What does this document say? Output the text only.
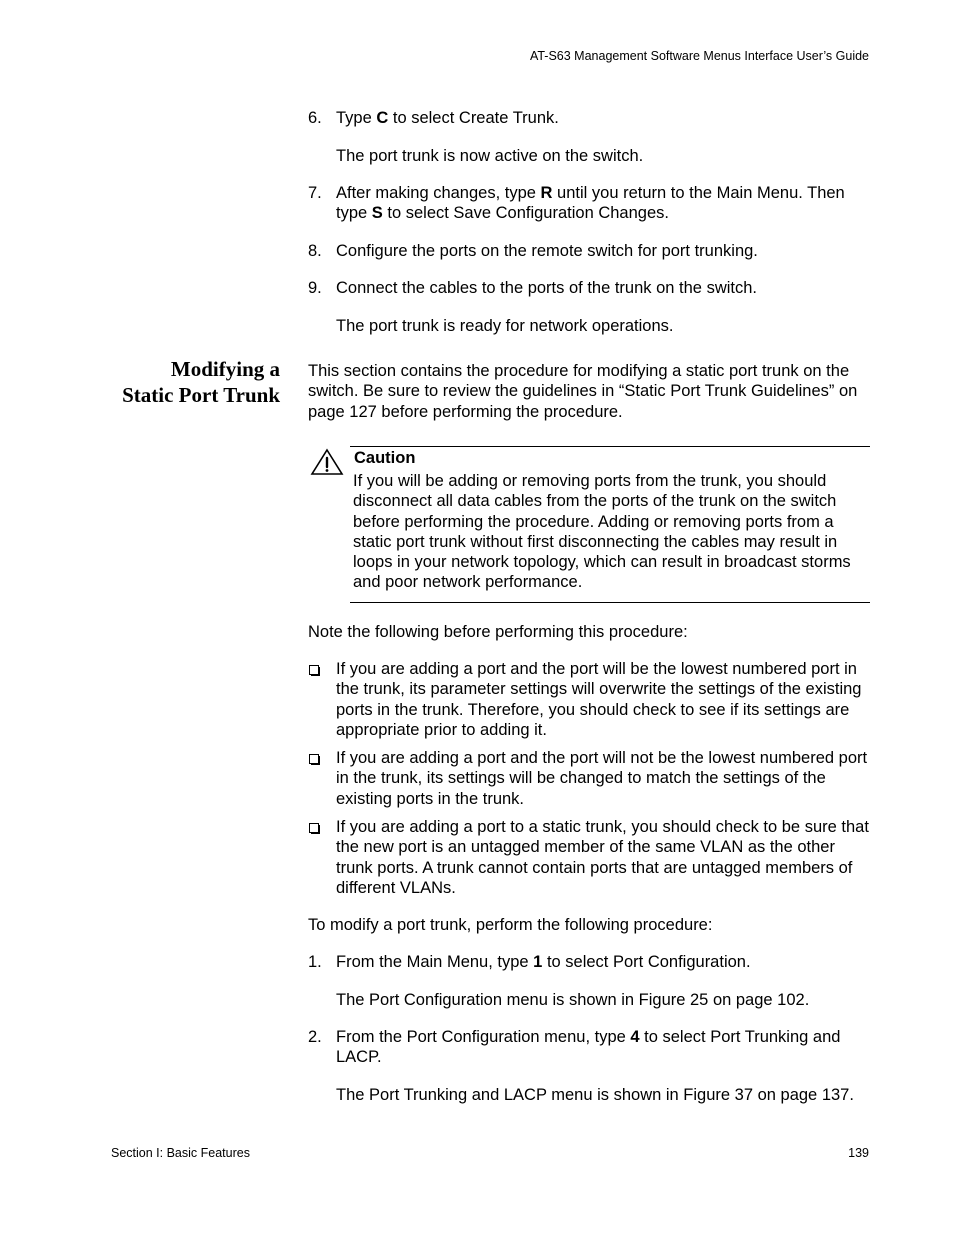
AT-S63 Management Software Menus Interface User’s Guide
6. Type C to select Create Trunk.
The port trunk is now active on the switch.
7. After making changes, type R until you return to the Main Menu. Then type S to select Save Configuration Changes.
8. Configure the ports on the remote switch for port trunking.
9. Connect the cables to the ports of the trunk on the switch.
The port trunk is ready for network operations.
Modifying a
Static Port Trunk
This section contains the procedure for modifying a static port trunk on the switch. Be sure to review the guidelines in “Static Port Trunk Guidelines” on page 127 before performing the procedure.
Caution
If you will be adding or removing ports from the trunk, you should disconnect all data cables from the ports of the trunk on the switch before performing the procedure. Adding or removing ports from a static port trunk without first disconnecting the cables may result in loops in your network topology, which can result in broadcast storms and poor network performance.
Note the following before performing this procedure:
If you are adding a port and the port will be the lowest numbered port in the trunk, its parameter settings will overwrite the settings of the existing ports in the trunk. Therefore, you should check to see if its settings are appropriate prior to adding it.
If you are adding a port and the port will not be the lowest numbered port in the trunk, its settings will be changed to match the settings of the existing ports in the trunk.
If you are adding a port to a static trunk, you should check to be sure that the new port is an untagged member of the same VLAN as the other trunk ports. A trunk cannot contain ports that are untagged members of different VLANs.
To modify a port trunk, perform the following procedure:
1. From the Main Menu, type 1 to select Port Configuration.
The Port Configuration menu is shown in Figure 25 on page 102.
2. From the Port Configuration menu, type 4 to select Port Trunking and LACP.
The Port Trunking and LACP menu is shown in Figure 37 on page 137.
Section I: Basic Features	139
